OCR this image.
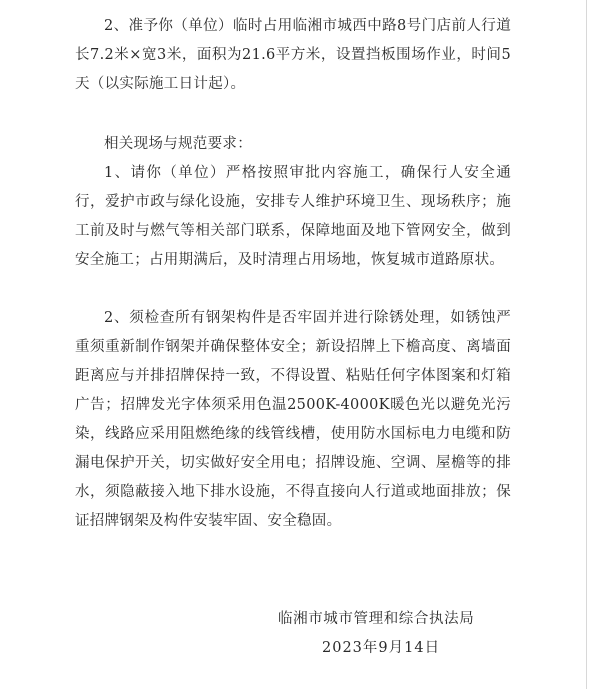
2、准予你（单位）临时占用临湘市城西中路8号门店前人行道长7.2米×宽3米，面积为21.6平方米，设置挡板围场作业，时间5天（以实际施工日计起）。

相关现场与规范要求：

1、请你（单位）严格按照审批内容施工，确保行人安全通行，爱护市政与绿化设施，安排专人维护环境卫生、现场秩序；施工前及时与燃气等相关部门联系，保障地面及地下管网安全，做到安全施工；占用期满后，及时清理占用场地，恢复城市道路原状。

2、须检查所有钢架构件是否牢固并进行除锈处理，如锈蚀严重须重新制作钢架并确保整体安全；新设招牌上下檐高度、离墙面距离应与并排招牌保持一致，不得设置、粘贴任何字体图案和灯箱广告；招牌发光字体须采用色温2500K-4000K暖色光以避免光污染，线路应采用阻燃绝缘的线管线槽，使用防水国标电力电缆和防漏电保护开关，切实做好安全用电；招牌设施、空调、屋檐等的排水，须隐蔽接入地下排水设施，不得直接向人行道或地面排放；保证招牌钢架及构件安装牢固、安全稳固。

临湘市城市管理和综合执法局
2023年9月14日
